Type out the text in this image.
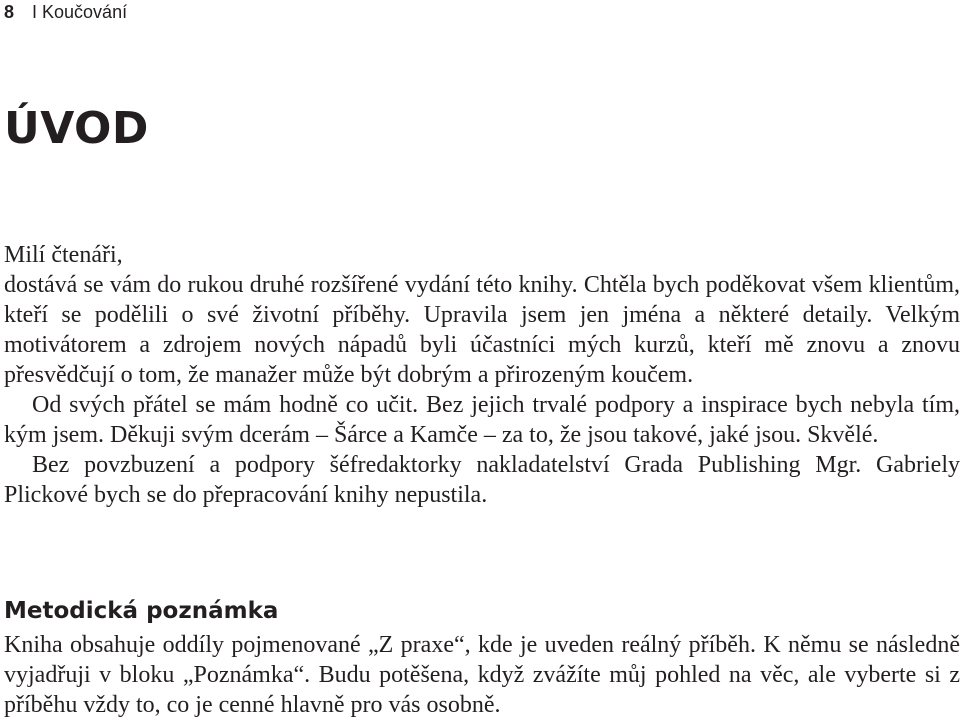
8 I Koučování
ÚVOD

Milí čtenáři,

dostává se vám do rukou druhé rozšířené vydání této knihy. Chtěla bych poděkovat všem klientům, kteří se podělili o své životní příběhy. Upravila jsem jen jména a některé detaily. Velkým motivátorem a zdrojem nových nápadů byli účastníci mých kurzů, kteří mě znovu a znovu přesvědčují o tom, že manažer může být dobrým a přirozeným koučem.

Od svých přátel se mám hodně co učit. Bez jejich trvalé podpory a inspirace bych nebyla tím, kým jsem. Děkuji svým dcerám – Šárce a Kamče – za to, že jsou takové, jaké jsou. Skvělé.

Bez povzbuzení a podpory šéfredaktorky nakladatelství Grada Publishing Mgr. Gabriely Plickové bych se do přepracování knihy nepustila.

Metodická poznámka

Kniha obsahuje oddíly pojmenované „Z praxe“, kde je uveden reálný příběh. K němu se následně vyjadřuji v bloku „Poznámka“. Budu potěšena, když zvážíte můj pohled na věc, ale vyberte si z příběhu vždy to, co je cenné hlavně pro vás osobně.
